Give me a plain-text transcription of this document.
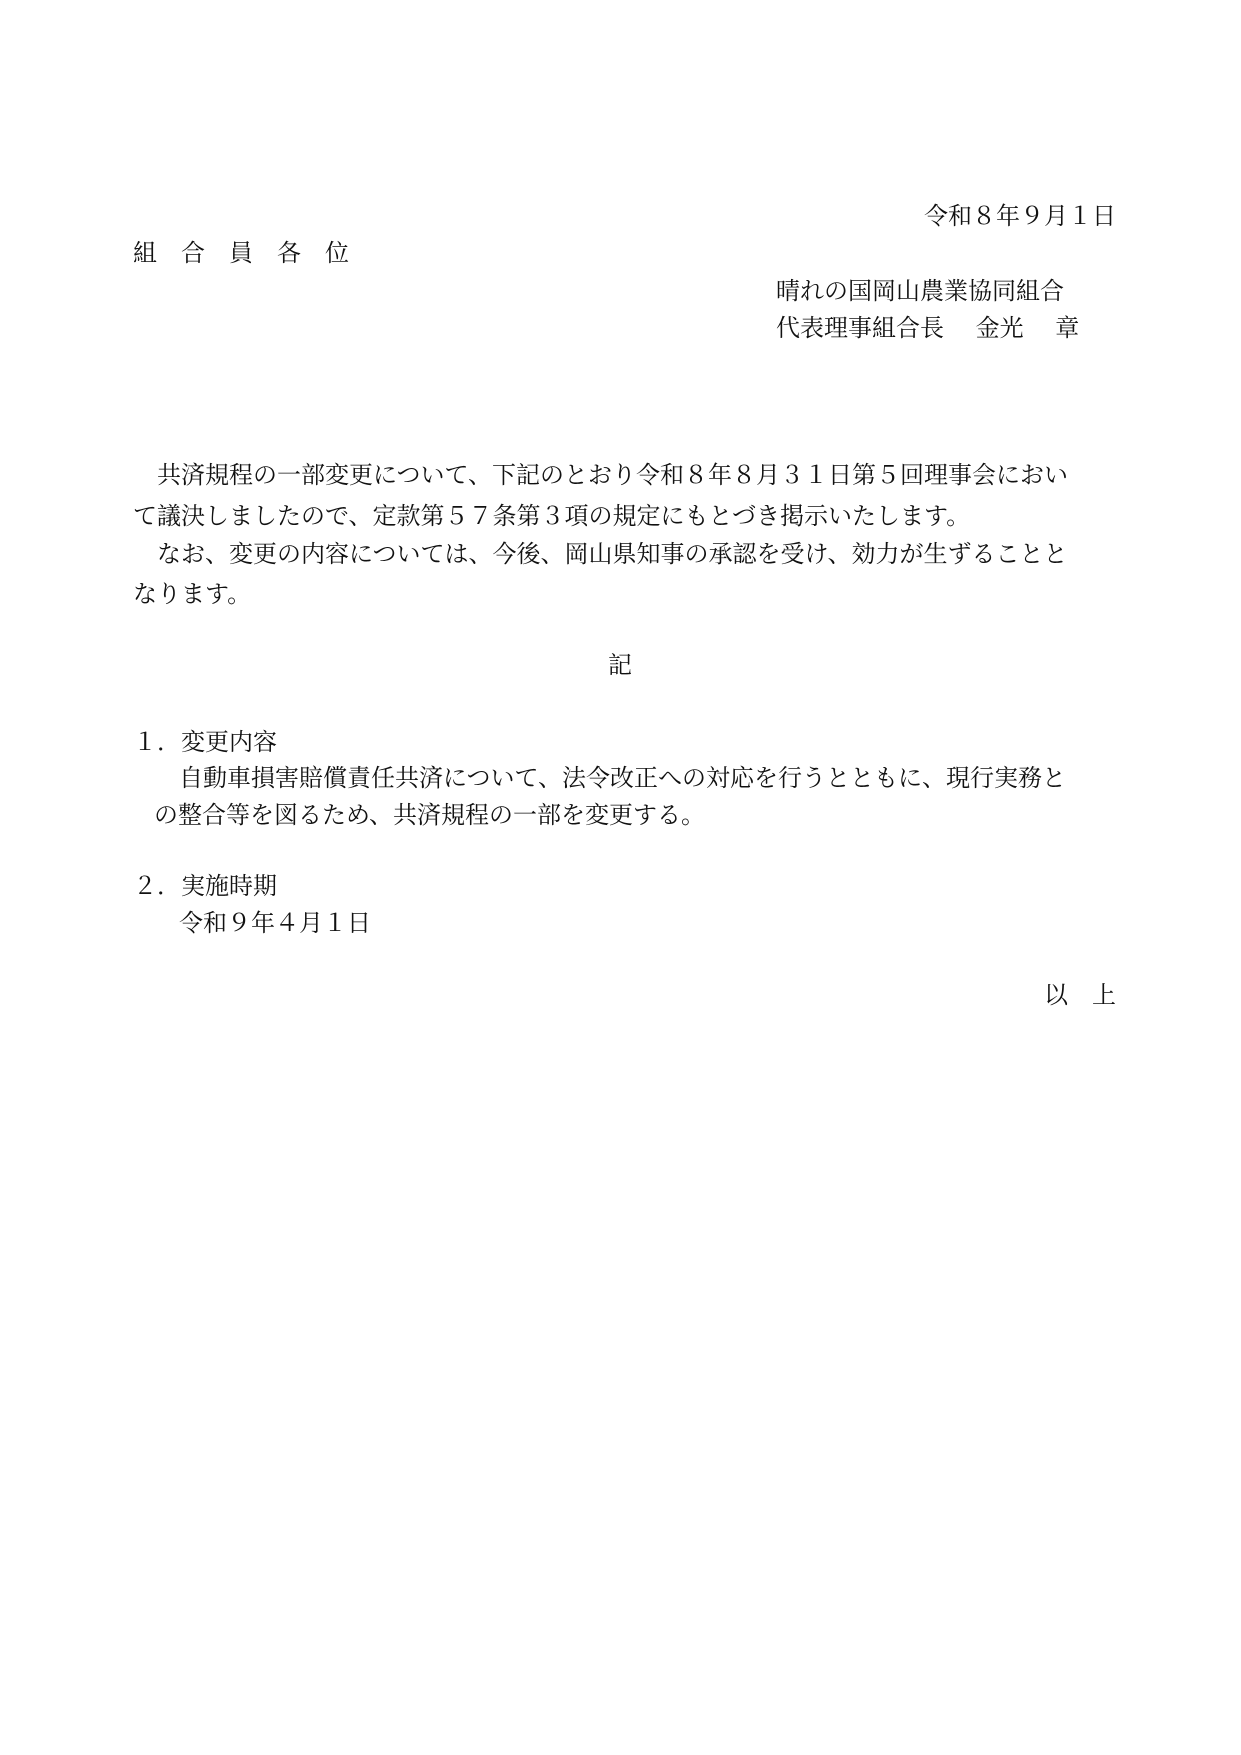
令和８年９月１日
組　合　員　各　位
晴れの国岡山農業協同組合
代表理事組合長　 金光　 章
　共済規程の一部変更について、下記のとおり令和８年８月３１日第５回理事会におい
て議決しましたので、定款第５７条第３項の規定にもとづき掲示いたします。
　なお、変更の内容については、今後、岡山県知事の承認を受け、効力が生ずることと
なります。
記
１．変更内容
自動車損害賠償責任共済について、法令改正への対応を行うとともに、現行実務と
の整合等を図るため、共済規程の一部を変更する。
２．実施時期
令和９年４月１日
以　上
